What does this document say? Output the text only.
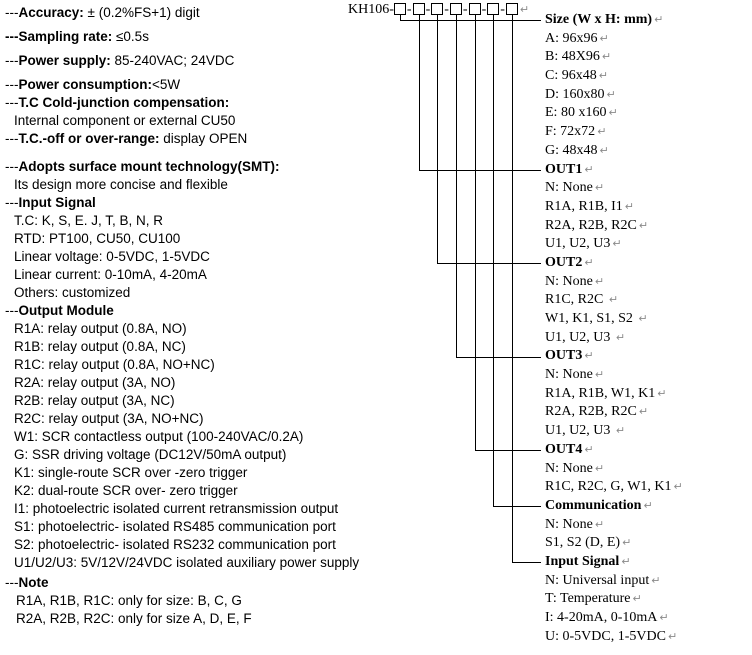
---Accuracy: ± (0.2%FS+1) digit
---Sampling rate: ≤0.5s
---Power supply: 85-240VAC; 24VDC
---Power consumption:<5W
---T.C Cold-junction compensation:
Internal component or external CU50
---T.C.-off or over-range: display OPEN
---Adopts surface mount technology(SMT):
Its design more concise and flexible
---Input Signal
T.C: K, S, E. J, T, B, N, R
RTD: PT100, CU50, CU100
Linear voltage: 0-5VDC, 1-5VDC
Linear current: 0-10mA, 4-20mA
Others: customized
---Output Module
R1A: relay output (0.8A, NO)
R1B: relay output (0.8A, NC)
R1C: relay output (0.8A, NO+NC)
R2A: relay output (3A, NO)
R2B: relay output (3A, NC)
R2C: relay output (3A, NO+NC)
W1: SCR contactless output (100-240VAC/0.2A)
G: SSR driving voltage (DC12V/50mA output)
K1: single-route SCR over -zero trigger
K2: dual-route SCR over- zero trigger
I1: photoelectric isolated current retransmission output
S1: photoelectric- isolated RS485 communication port
S2: photoelectric- isolated RS232 communication port
U1/U2/U3: 5V/12V/24VDC isolated auxiliary power supply
---Note
R1A, R1B, R1C: only for size: B, C, G
R2A, R2B, R2C: only for size A, D, E, F
KH106- - - - - - - ↵
Size (W x H: mm) ↵
A: 96x96 ↵
B: 48X96 ↵
C: 96x48 ↵
D: 160x80 ↵
E: 80 x160 ↵
F: 72x72 ↵
G: 48x48 ↵
OUT1 ↵
N: None ↵
R1A, R1B, I1 ↵
R2A, R2B, R2C ↵
U1, U2, U3 ↵
OUT2 ↵
N: None ↵
R1C, R2C ↵
W1, K1, S1, S2 ↵
U1, U2, U3 ↵
OUT3 ↵
N: None ↵
R1A, R1B, W1, K1 ↵
R2A, R2B, R2C ↵
U1, U2, U3 ↵
OUT4 ↵
N: None ↵
R1C, R2C, G, W1, K1 ↵
Communication ↵
N: None ↵
S1, S2 (D, E) ↵
Input Signal ↵
N: Universal input ↵
T: Temperature ↵
I: 4-20mA, 0-10mA ↵
U: 0-5VDC, 1-5VDC ↵
